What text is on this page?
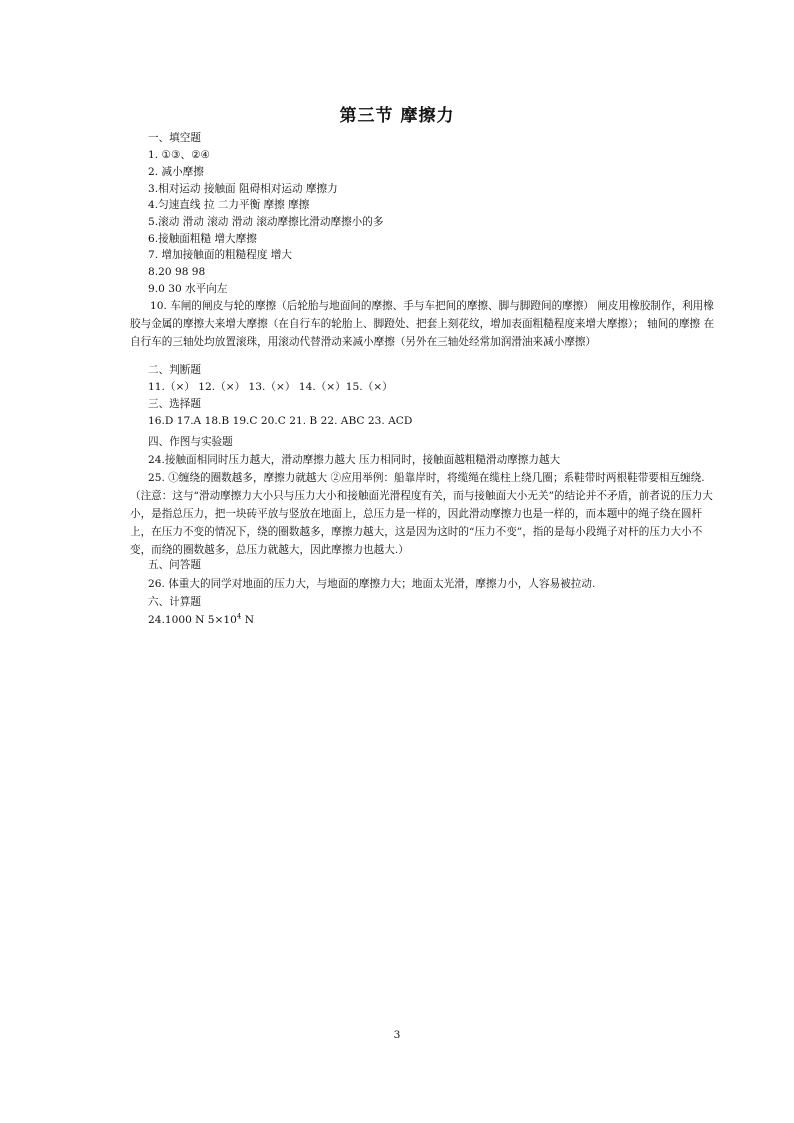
第三节 摩擦力
一、填空题
1. ①③、②④
2. 减小摩擦
3.相对运动 接触面 阻碍相对运动 摩擦力
4.匀速直线 拉 二力平衡 摩擦 摩擦
5.滚动 滑动 滚动 滑动 滚动摩擦比滑动摩擦小的多
6.接触面粗糙 增大摩擦
7. 增加接触面的粗糙程度 增大
8.20 98 98
9.0 30 水平向左
10. 车闸的闸皮与轮的摩擦（后轮胎与地面间的摩擦、手与车把间的摩擦、脚与脚蹬间的摩擦） 闸皮用橡胶制作，利用橡胶与金属的摩擦大来增大摩擦（在自行车的轮胎上、脚蹬处、把套上刻花纹，增加表面粗糙程度来增大摩擦）； 轴间的摩擦 在自行车的三轴处均放置滚珠，用滚动代替滑动来减小摩擦（另外在三轴处经常加润滑油来减小摩擦）
二、判断题
11.（×） 12.（×） 13.（×） 14.（×）15.（×）
三、选择题
16.D 17.A 18.B 19.C 20.C 21. B 22. ABC 23. ACD
四、作图与实验题
24.接触面相同时压力越大，滑动摩擦力越大 压力相同时，接触面越粗糙滑动摩擦力越大
25. ①缠绕的圈数越多，摩擦力就越大 ②应用举例：船靠岸时，将缆绳在缆柱上绕几圈；系鞋带时两根鞋带要相互缠绕.（注意：这与“滑动摩擦力大小只与压力大小和接触面光滑程度有关，而与接触面大小无关”的结论并不矛盾，前者说的压力大小，是指总压力，把一块砖平放与竖放在地面上，总压力是一样的，因此滑动摩擦力也是一样的，而本题中的绳子绕在圆杆上，在压力不变的情况下，绕的圈数越多，摩擦力越大，这是因为这时的“压力不变”，指的是每小段绳子对杆的压力大小不变，而绕的圈数越多，总压力就越大，因此摩擦力也越大.）
五、问答题
26. 体重大的同学对地面的压力大，与地面的摩擦力大；地面太光滑，摩擦力小，人容易被拉动.
六、计算题
24.1000 N $5\times 10^4$ N
3
